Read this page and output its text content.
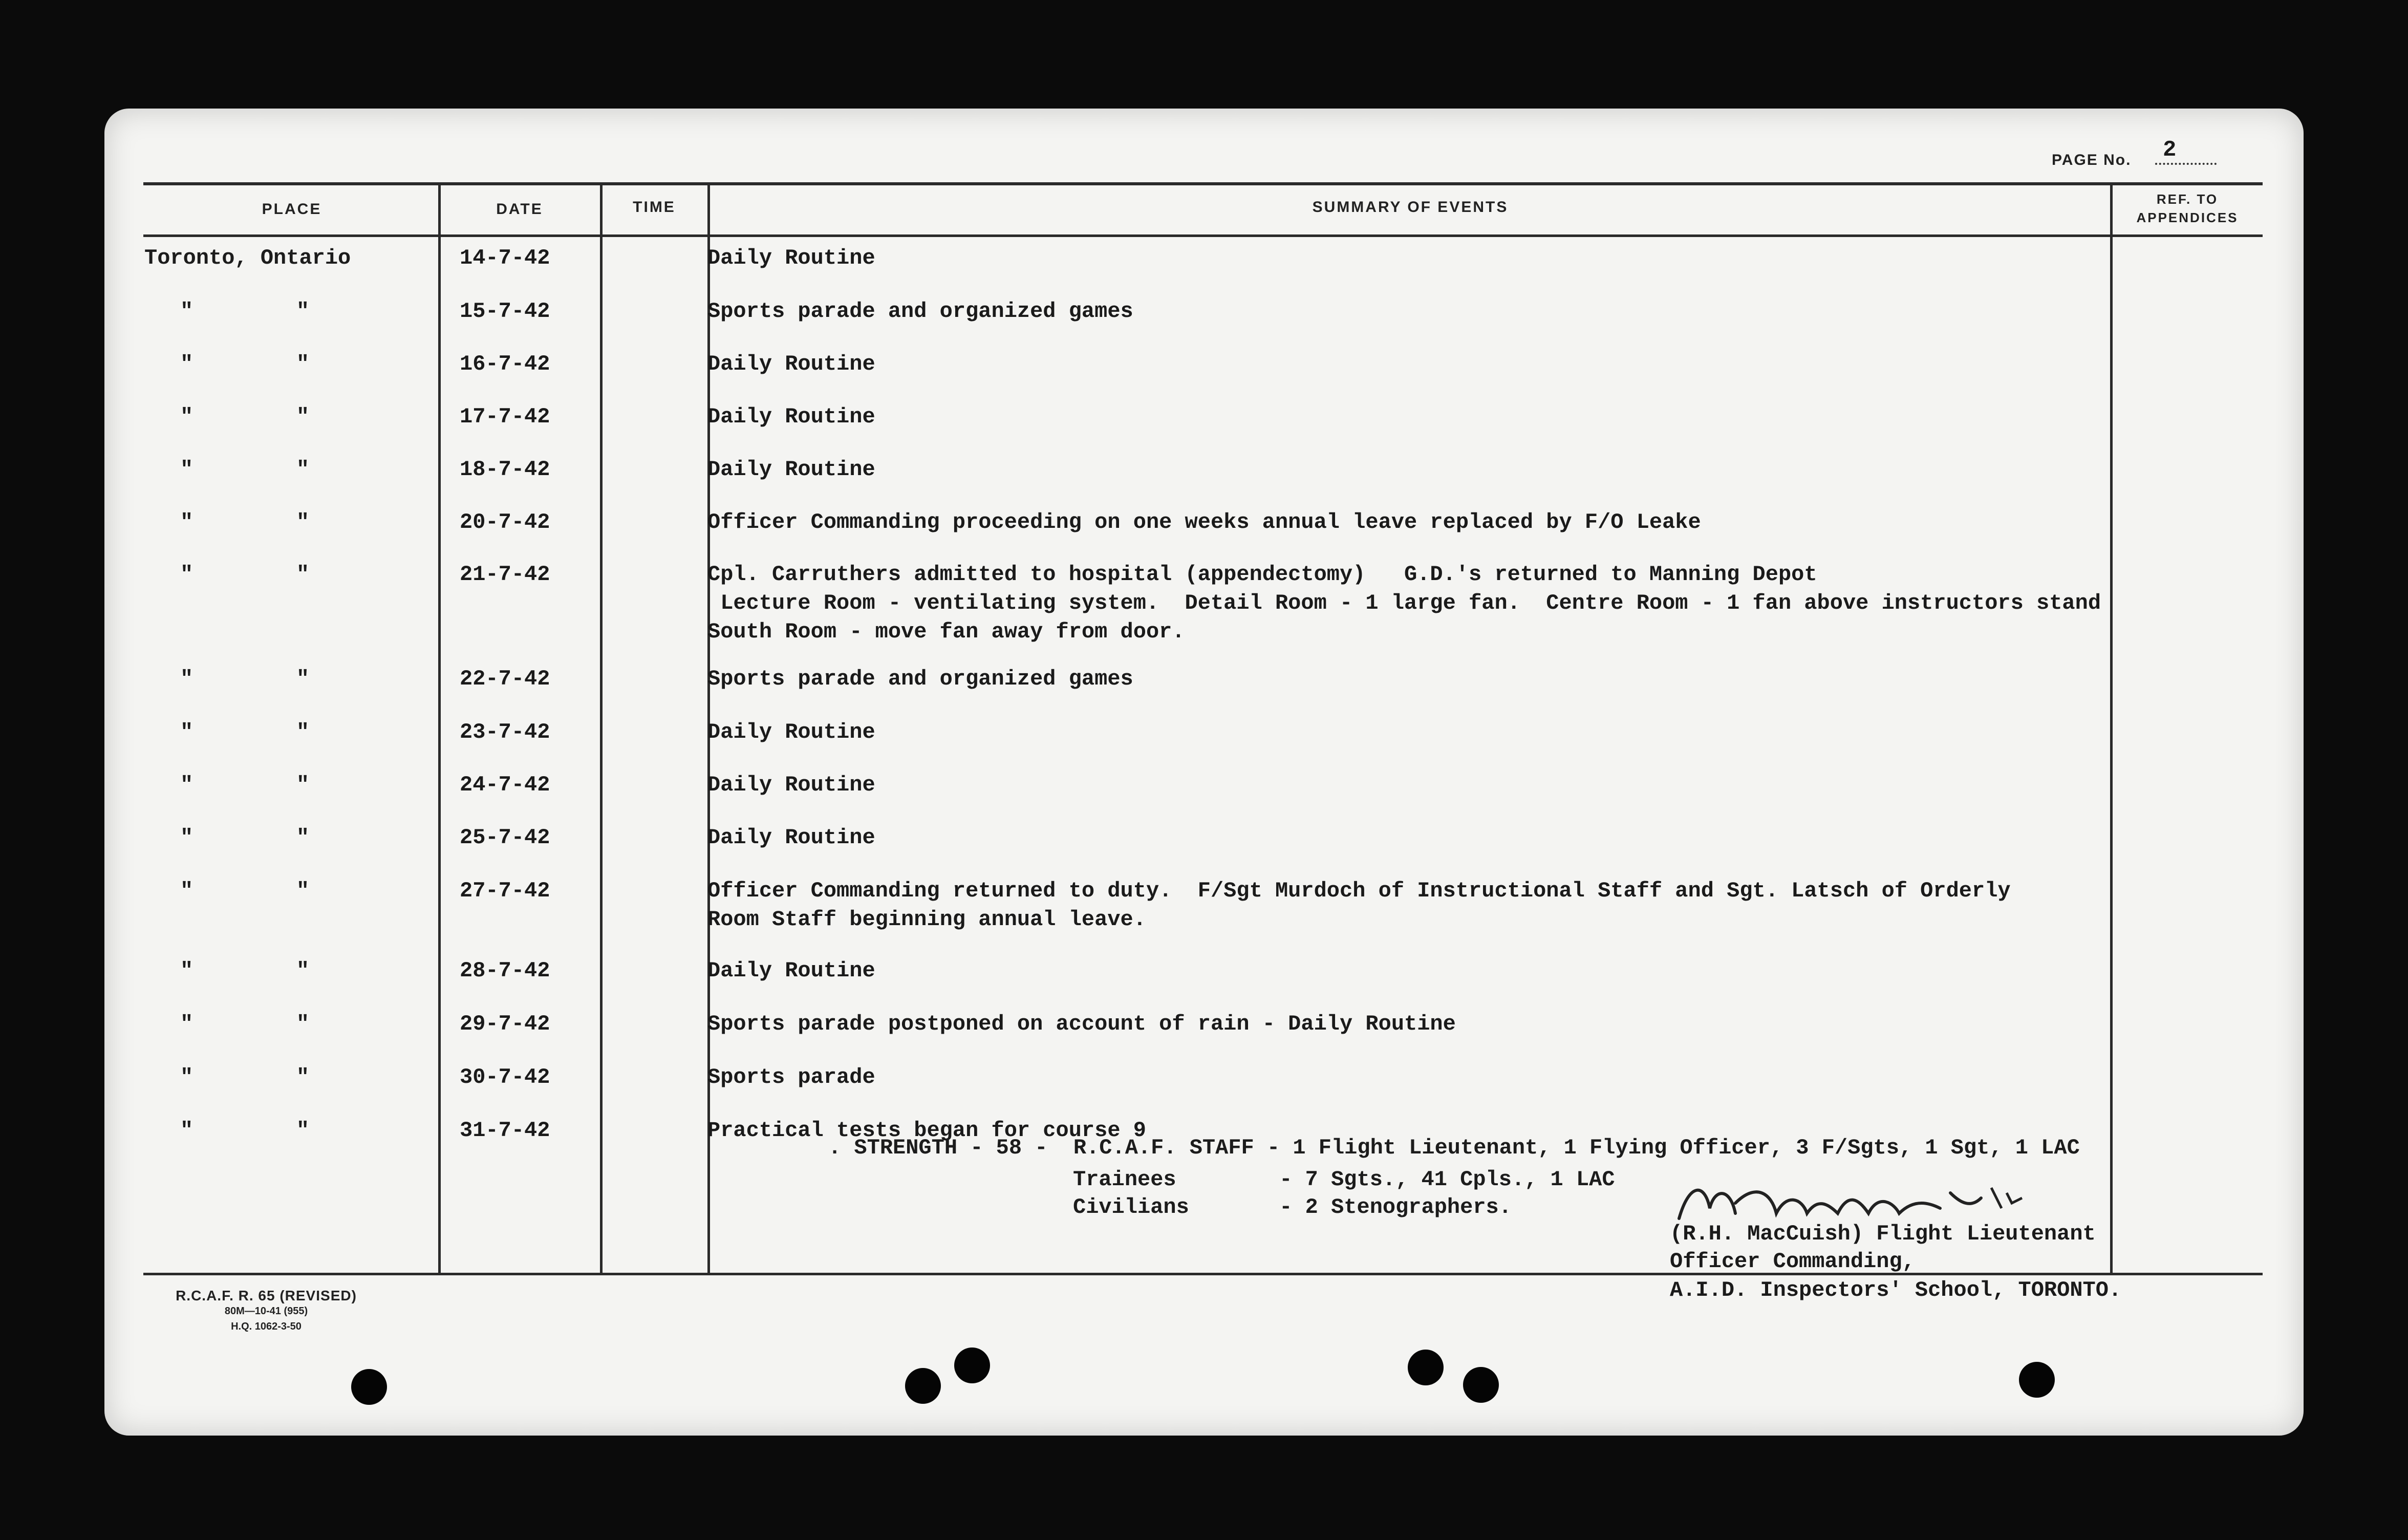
PAGE No. 2
PLACE	DATE	TIME	SUMMARY OF EVENTS	REF. TO
APPENDICES
Toronto, Ontario	14-7-42	Daily Routine
"        "	15-7-42	Sports parade and organized games
"        "	16-7-42	Daily Routine
"        "	17-7-42	Daily Routine
"        "	18-7-42	Daily Routine
"        "	20-7-42	Officer Commanding proceeding on one weeks annual leave replaced by F/O Leake
"        "	21-7-42	Cpl. Carruthers admitted to hospital (appendectomy)   G.D.'s returned to Manning Depot
Lecture Room - ventilating system.  Detail Room - 1 large fan.  Centre Room - 1 fan above instructors stand
South Room - move fan away from door.
"        "	22-7-42	Sports parade and organized games
"        "	23-7-42	Daily Routine
"        "	24-7-42	Daily Routine
"        "	25-7-42	Daily Routine
"        "	27-7-42	Officer Commanding returned to duty.  F/Sgt Murdoch of Instructional Staff and Sgt. Latsch of Orderly
Room Staff beginning annual leave.
"        "	28-7-42	Daily Routine
"        "	29-7-42	Sports parade postponed on account of rain - Daily Routine
"        "	30-7-42	Sports parade
"        "	31-7-42	Practical tests began for course 9
. STRENGTH - 58 -  R.C.A.F. STAFF - 1 Flight Lieutenant, 1 Flying Officer, 3 F/Sgts, 1 Sgt, 1 LAC
Trainees        - 7 Sgts., 41 Cpls., 1 LAC
Civilians       - 2 Stenographers.
(R.H. MacCuish) Flight Lieutenant
Officer Commanding,
A.I.D. Inspectors' School, TORONTO.
R.C.A.F. R. 65 (REVISED)
80M—10-41 (955)
H.Q. 1062-3-50
